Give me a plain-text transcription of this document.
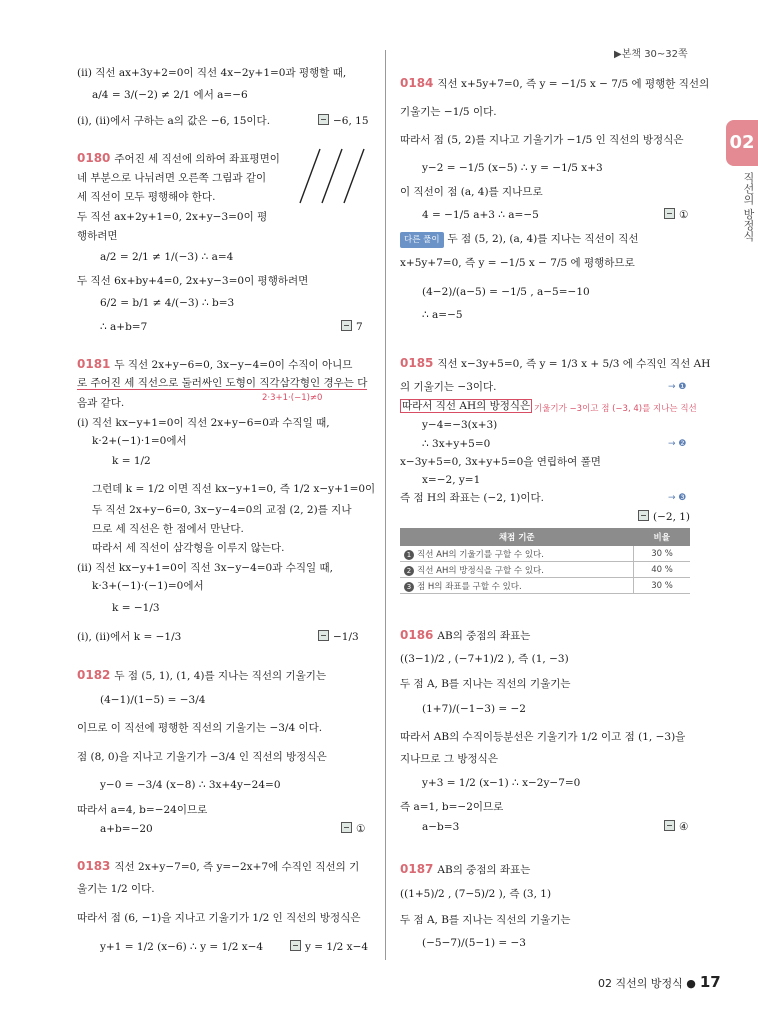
▶본책 30~32쪽
02
직선의 방정식
(ⅱ) 직선 ax+3y+2=0이 직선 4x−2y+1=0과 평행할 때,
a/4 = 3/(−2) ≠ 2/1 에서 a=−6
(ⅰ), (ⅱ)에서 구하는 a의 값은 −6, 15이다.	−6, 15
0180 주어진 세 직선에 의하여 좌표평면이
네 부분으로 나뉘려면 오른쪽 그림과 같이
세 직선이 모두 평행해야 한다.
두 직선 ax+2y+1=0, 2x+y−3=0이 평
행하려면
a/2 = 2/1 ≠ 1/(−3) ∴ a=4
두 직선 6x+by+4=0, 2x+y−3=0이 평행하려면
6/2 = b/1 ≠ 4/(−3) ∴ b=3
∴ a+b=7	7
0181 두 직선 2x+y−6=0, 3x−y−4=0이 수직이 아니므
로 주어진 세 직선으로 둘러싸인 도형이 직각삼각형인 경우는 다
2·3+1·(−1)≠0
음과 같다.
(ⅰ) 직선 kx−y+1=0이 직선 2x+y−6=0과 수직일 때,
k·2+(−1)·1=0에서
k = 1/2
그런데 k = 1/2 이면 직선 kx−y+1=0, 즉 1/2 x−y+1=0이
두 직선 2x+y−6=0, 3x−y−4=0의 교점 (2, 2)를 지나
므로 세 직선은 한 점에서 만난다.
따라서 세 직선이 삼각형을 이루지 않는다.
(ⅱ) 직선 kx−y+1=0이 직선 3x−y−4=0과 수직일 때,
k·3+(−1)·(−1)=0에서
k = −1/3
(ⅰ), (ⅱ)에서 k = −1/3	−1/3
0182 두 점 (5, 1), (1, 4)를 지나는 직선의 기울기는
(4−1)/(1−5) = −3/4
이므로 이 직선에 평행한 직선의 기울기는 −3/4 이다.
점 (8, 0)을 지나고 기울기가 −3/4 인 직선의 방정식은
y−0 = −3/4 (x−8) ∴ 3x+4y−24=0
따라서 a=4, b=−24이므로
a+b=−20	①
0183 직선 2x+y−7=0, 즉 y=−2x+7에 수직인 직선의 기
울기는 1/2 이다.
따라서 점 (6, −1)을 지나고 기울기가 1/2 인 직선의 방정식은
y+1 = 1/2 (x−6) ∴ y = 1/2 x−4	y = 1/2 x−4
0184 직선 x+5y+7=0, 즉 y = −1/5 x − 7/5 에 평행한 직선의
기울기는 −1/5 이다.
따라서 점 (5, 2)를 지나고 기울기가 −1/5 인 직선의 방정식은
y−2 = −1/5 (x−5) ∴ y = −1/5 x+3
이 직선이 점 (a, 4)를 지나므로
4 = −1/5 a+3 ∴ a=−5	①
다른 풀이 두 점 (5, 2), (a, 4)를 지나는 직선이 직선
x+5y+7=0, 즉 y = −1/5 x − 7/5 에 평행하므로
(4−2)/(a−5) = −1/5 , a−5=−10
∴ a=−5
0185 직선 x−3y+5=0, 즉 y = 1/3 x + 5/3 에 수직인 직선 AH
의 기울기는 −3이다.	→ ❶
따라서 직선 AH의 방정식은 기울기가 −3이고 점 (−3, 4)를 지나는 직선
y−4=−3(x+3)
∴ 3x+y+5=0	→ ❷
x−3y+5=0, 3x+y+5=0을 연립하여 풀면
x=−2, y=1
즉 점 H의 좌표는 (−2, 1)이다.	→ ❸
(−2, 1)
채점 기준	비율
1 직선 AH의 기울기를 구할 수 있다.	30 %
2 직선 AH의 방정식을 구할 수 있다.	40 %
3 점 H의 좌표를 구할 수 있다.	30 %
0186 AB의 중점의 좌표는
((3−1)/2 , (−7+1)/2 ), 즉 (1, −3)
두 점 A, B를 지나는 직선의 기울기는
(1+7)/(−1−3) = −2
따라서 AB의 수직이등분선은 기울기가 1/2 이고 점 (1, −3)을
지나므로 그 방정식은
y+3 = 1/2 (x−1) ∴ x−2y−7=0
즉 a=1, b=−2이므로
a−b=3	④
0187 AB의 중점의 좌표는
((1+5)/2 , (7−5)/2 ), 즉 (3, 1)
두 점 A, B를 지나는 직선의 기울기는
(−5−7)/(5−1) = −3
02 직선의 방정식 ● 17
